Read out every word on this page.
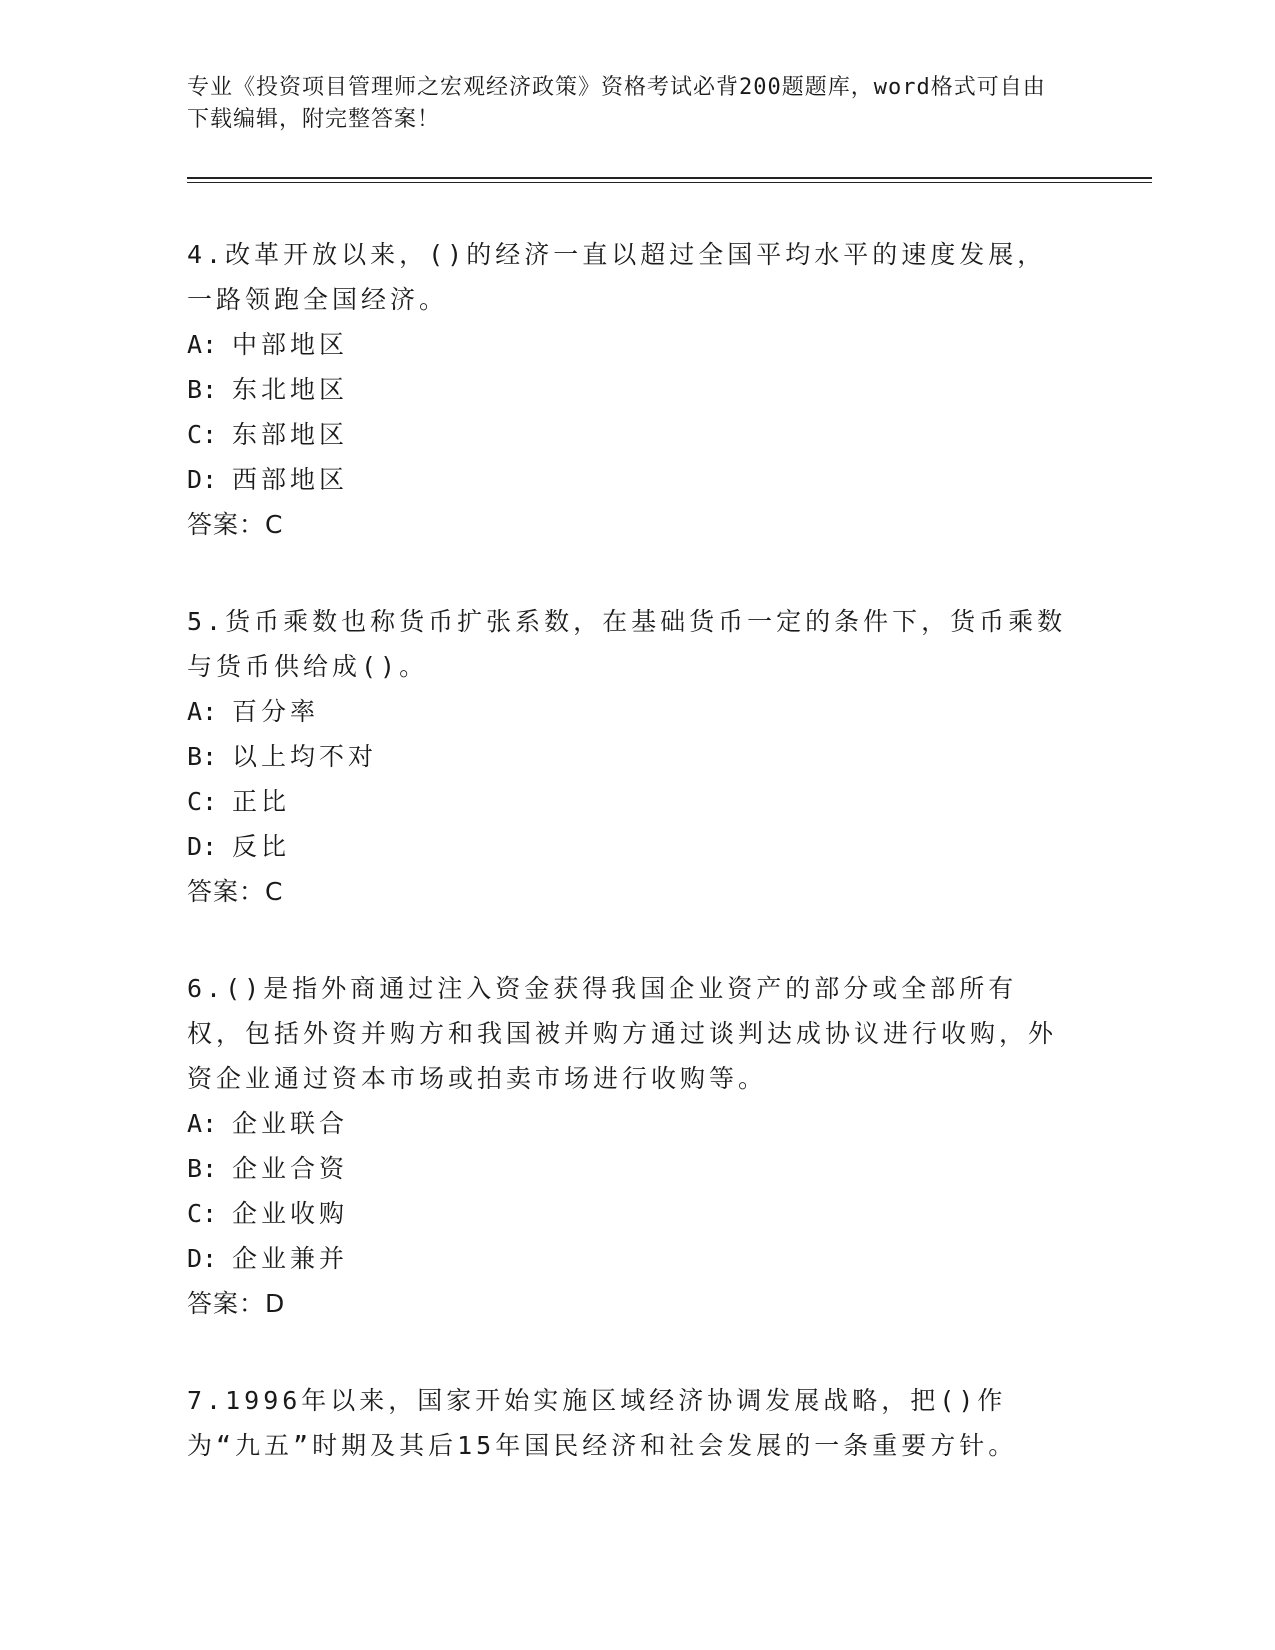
专业《投资项目管理师之宏观经济政策》资格考试必背200题题库，word格式可自由下载编辑，附完整答案！

4.改革开放以来，()的经济一直以超过全国平均水平的速度发展，一路领跑全国经济。

A: 中部地区

B: 东北地区

C: 东部地区

D: 西部地区

答案：C

5.货币乘数也称货币扩张系数，在基础货币一定的条件下，货币乘数与货币供给成()。

A: 百分率

B: 以上均不对

C: 正比

D: 反比

答案：C

6.()是指外商通过注入资金获得我国企业资产的部分或全部所有权，包括外资并购方和我国被并购方通过谈判达成协议进行收购，外资企业通过资本市场或拍卖市场进行收购等。

A: 企业联合

B: 企业合资

C: 企业收购

D: 企业兼并

答案：D

7.1996年以来，国家开始实施区域经济协调发展战略，把()作为“九五”时期及其后15年国民经济和社会发展的一条重要方针。
